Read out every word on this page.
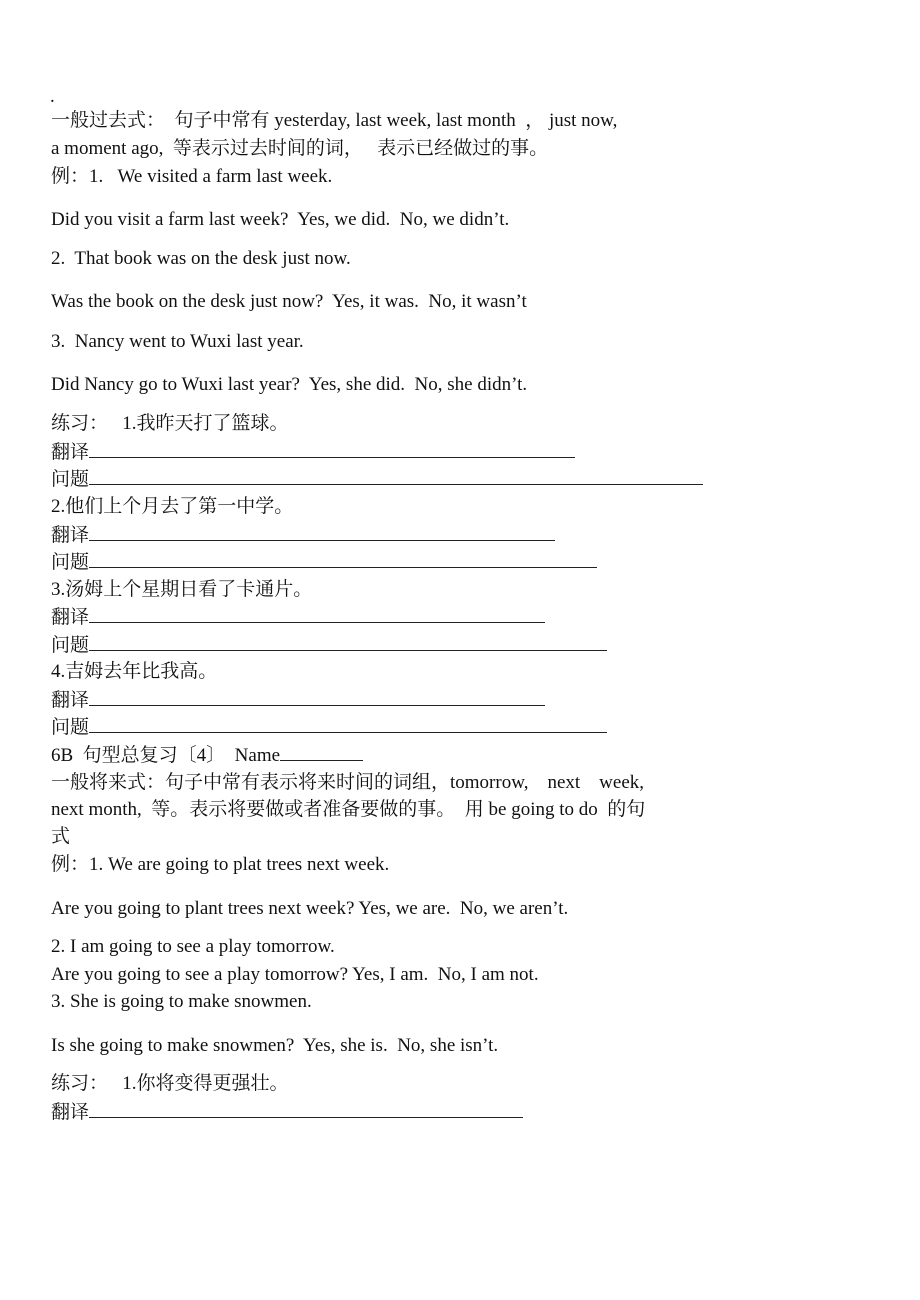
.
一般过去式：  句子中常有 yesterday, last week, last month  ， just now,
a moment ago,  等表示过去时间的词，   表示已经做过的事。
例：1.   We visited a farm last week.
Did you visit a farm last week?  Yes, we did.  No, we didn’t.
2.  That book was on the desk just now.
Was the book on the desk just now?  Yes, it was.  No, it wasn’t
3.  Nancy went to Wuxi last year.
Did Nancy go to Wuxi last year?  Yes, she did.  No, she didn’t.
练习：   1.我昨天打了篮球。
翻译
问题
2.他们上个月去了第一中学。
翻译
问题
3.汤姆上个星期日看了卡通片。
翻译
问题
4.吉姆去年比我高。
翻译
问题
6B  句型总复习〔4〕  Name
一般将来式：句子中常有表示将来时间的词组，tomorrow,    next    week,
next month,  等。表示将要做或者准备要做的事。  用 be going to do  的句
式
例：1. We are going to plat trees next week.
Are you going to plant trees next week? Yes, we are.  No, we aren’t.
2. I am going to see a play tomorrow.
Are you going to see a play tomorrow? Yes, I am.  No, I am not.
3. She is going to make snowmen.
Is she going to make snowmen?  Yes, she is.  No, she isn’t.
练习：   1.你将变得更强壮。
翻译
